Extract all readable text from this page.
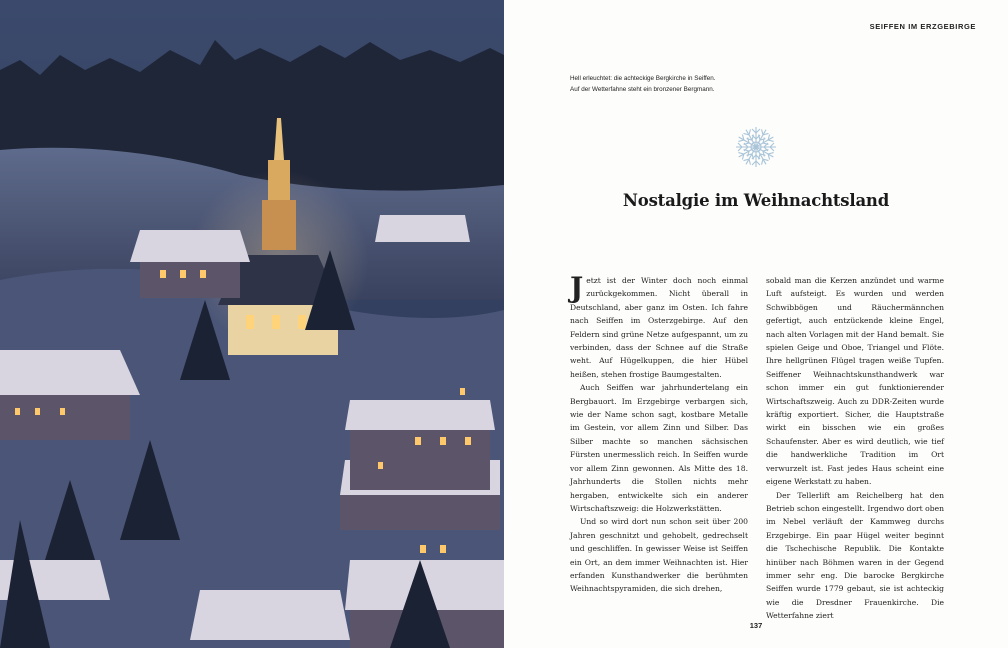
SEIFFEN IM ERZGEBIRGE
Hell erleuchtet: die achteckige Bergkirche in Seiffen.
Auf der Wetterfahne steht ein bronzener Bergmann.
Nostalgie im Weihnachtsland

Jetzt ist der Winter doch noch einmal zurückgekommen. Nicht überall in Deutschland, aber ganz im Osten. Ich fahre nach Seiffen im Osterzgebirge. Auf den Feldern sind grüne Netze aufgespannt, um zu verbinden, dass der Schnee auf die Straße weht. Auf Hügelkuppen, die hier Hübel heißen, stehen frostige Baumgestalten.

Auch Seiffen war jahrhundertelang ein Bergbauort. Im Erzgebirge verbargen sich, wie der Name schon sagt, kostbare Metalle im Gestein, vor allem Zinn und Silber. Das Silber machte so manchen sächsischen Fürsten unermesslich reich. In Seiffen wurde vor allem Zinn gewonnen. Als Mitte des 18. Jahrhunderts die Stollen nichts mehr hergaben, entwickelte sich ein anderer Wirtschaftszweig: die Holzwerkstätten.

Und so wird dort nun schon seit über 200 Jahren geschnitzt und gehobelt, gedrechselt und geschliffen. In gewisser Weise ist Seiffen ein Ort, an dem immer Weihnachten ist. Hier erfanden Kunsthandwerker die berühmten Weihnachtspyramiden, die sich drehen,

sobald man die Kerzen anzündet und warme Luft aufsteigt. Es wurden und werden Schwibbögen und Räuchermännchen gefertigt, auch entzückende kleine Engel, nach alten Vorlagen mit der Hand bemalt. Sie spielen Geige und Oboe, Triangel und Flöte. Ihre hellgrünen Flügel tragen weiße Tupfen. Seiffener Weihnachtskunsthandwerk war schon immer ein gut funktionierender Wirtschaftszweig. Auch zu DDR-Zeiten wurde kräftig exportiert. Sicher, die Hauptstraße wirkt ein bisschen wie ein großes Schaufenster. Aber es wird deutlich, wie tief die handwerkliche Tradition im Ort verwurzelt ist. Fast jedes Haus scheint eine eigene Werkstatt zu haben.

Der Tellerlift am Reichelberg hat den Betrieb schon eingestellt. Irgendwo dort oben im Nebel verläuft der Kammweg durchs Erzgebirge. Ein paar Hügel weiter beginnt die Tschechische Republik. Die Kontakte hinüber nach Böhmen waren in der Gegend immer sehr eng. Die barocke Bergkirche Seiffen wurde 1779 gebaut, sie ist achteckig wie die Dresdner Frauenkirche. Die Wetterfahne ziert

137
